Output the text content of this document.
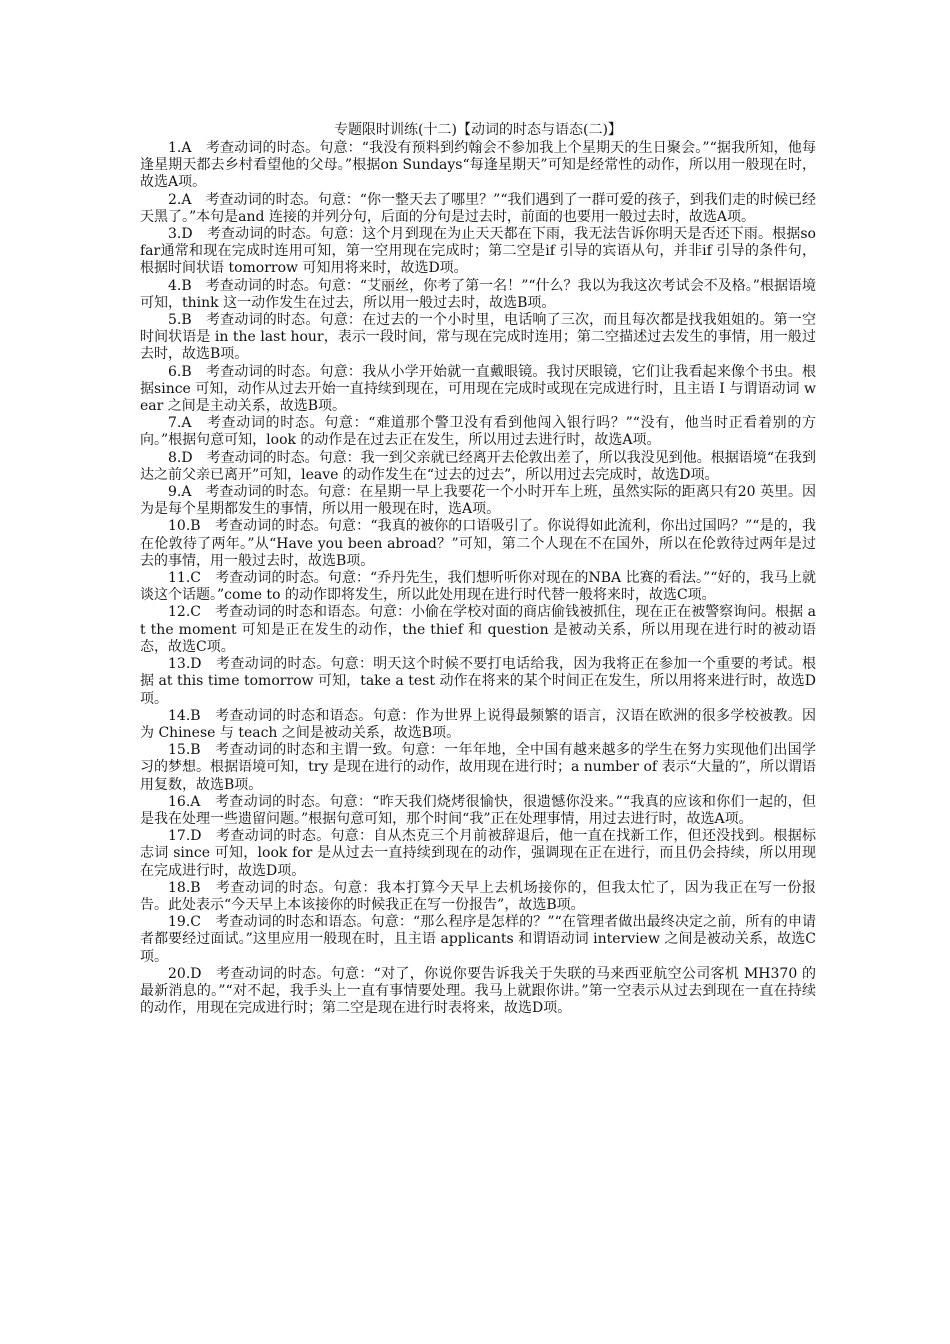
专题限时训练(十二)【动词的时态与语态(二)】

1.A　考查动词的时态。句意：“我没有预料到约翰会不参加我上个星期天的生日聚会。”“据我所知，他每逢星期天都去乡村看望他的父母。”根据on Sundays“每逢星期天”可知是经常性的动作，所以用一般现在时，故选A项。

2.A　考查动词的时态。句意：“你一整天去了哪里？”“我们遇到了一群可爱的孩子，到我们走的时候已经天黑了。”本句是and 连接的并列分句，后面的分句是过去时，前面的也要用一般过去时，故选A项。

3.D　考查动词的时态。句意：这个月到现在为止天天都在下雨，我无法告诉你明天是否还下雨。根据so far通常和现在完成时连用可知，第一空用现在完成时；第二空是if 引导的宾语从句，并非if 引导的条件句，根据时间状语 tomorrow 可知用将来时，故选D项。

4.B　考查动词的时态。句意：“艾丽丝，你考了第一名！”“什么？我以为我这次考试会不及格。”根据语境可知，think 这一动作发生在过去，所以用一般过去时，故选B项。

5.B　考查动词的时态。句意：在过去的一个小时里，电话响了三次，而且每次都是找我姐姐的。第一空时间状语是 in the last hour，表示一段时间，常与现在完成时连用；第二空描述过去发生的事情，用一般过去时，故选B项。

6.B　考查动词的时态。句意：我从小学开始就一直戴眼镜。我讨厌眼镜，它们让我看起来像个书虫。根据since 可知，动作从过去开始一直持续到现在，可用现在完成时或现在完成进行时，且主语 I 与谓语动词 wear 之间是主动关系，故选B项。

7.A　考查动词的时态。句意：“难道那个警卫没有看到他闯入银行吗？”“没有，他当时正看着别的方向。”根据句意可知，look 的动作是在过去正在发生，所以用过去进行时，故选A项。

8.D　考查动词的时态。句意：我一到父亲就已经离开去伦敦出差了，所以我没见到他。根据语境“在我到达之前父亲已离开”可知，leave 的动作发生在“过去的过去”，所以用过去完成时，故选D项。

9.A　考查动词的时态。句意：在星期一早上我要花一个小时开车上班，虽然实际的距离只有20 英里。因为是每个星期都发生的事情，所以用一般现在时，选A项。

10.B　考查动词的时态。句意：“我真的被你的口语吸引了。你说得如此流利，你出过国吗？”“是的，我在伦敦待了两年。”从“Have you been abroad？”可知，第二个人现在不在国外，所以在伦敦待过两年是过去的事情，用一般过去时，故选B项。

11.C　考查动词的时态。句意：“乔丹先生，我们想听听你对现在的NBA 比赛的看法。”“好的，我马上就谈这个话题。”come to 的动作即将发生，所以此处用现在进行时代替一般将来时，故选C项。

12.C　考查动词的时态和语态。句意：小偷在学校对面的商店偷钱被抓住，现在正在被警察询问。根据 at the moment 可知是正在发生的动作，the thief 和 question 是被动关系，所以用现在进行时的被动语态，故选C项。

13.D　考查动词的时态。句意：明天这个时候不要打电话给我，因为我将正在参加一个重要的考试。根据 at this time tomorrow 可知，take a test 动作在将来的某个时间正在发生，所以用将来进行时，故选D项。

14.B　考查动词的时态和语态。句意：作为世界上说得最频繁的语言，汉语在欧洲的很多学校被教。因为 Chinese 与 teach 之间是被动关系，故选B项。

15.B　考查动词的时态和主谓一致。句意：一年年地，全中国有越来越多的学生在努力实现他们出国学习的梦想。根据语境可知，try 是现在进行的动作，故用现在进行时；a number of 表示“大量的”，所以谓语用复数，故选B项。

16.A　考查动词的时态。句意：“昨天我们烧烤很愉快，很遗憾你没来。”“我真的应该和你们一起的，但是我在处理一些遗留问题。”根据句意可知，那个时间“我”正在处理事情，用过去进行时，故选A项。

17.D　考查动词的时态。句意：自从杰克三个月前被辞退后，他一直在找新工作，但还没找到。根据标志词 since 可知，look for 是从过去一直持续到现在的动作，强调现在正在进行，而且仍会持续，所以用现在完成进行时，故选D项。

18.B　考查动词的时态。句意：我本打算今天早上去机场接你的，但我太忙了，因为我正在写一份报告。此处表示“今天早上本该接你的时候我正在写一份报告”，故选B项。

19.C　考查动词的时态和语态。句意：“那么程序是怎样的？”“在管理者做出最终决定之前，所有的申请者都要经过面试。”这里应用一般现在时，且主语 applicants 和谓语动词 interview 之间是被动关系，故选C项。

20.D　考查动词的时态。句意：“对了，你说你要告诉我关于失联的马来西亚航空公司客机 MH370 的最新消息的。”“对不起，我手头上一直有事情要处理。我马上就跟你讲。”第一空表示从过去到现在一直在持续的动作，用现在完成进行时；第二空是现在进行时表将来，故选D项。
